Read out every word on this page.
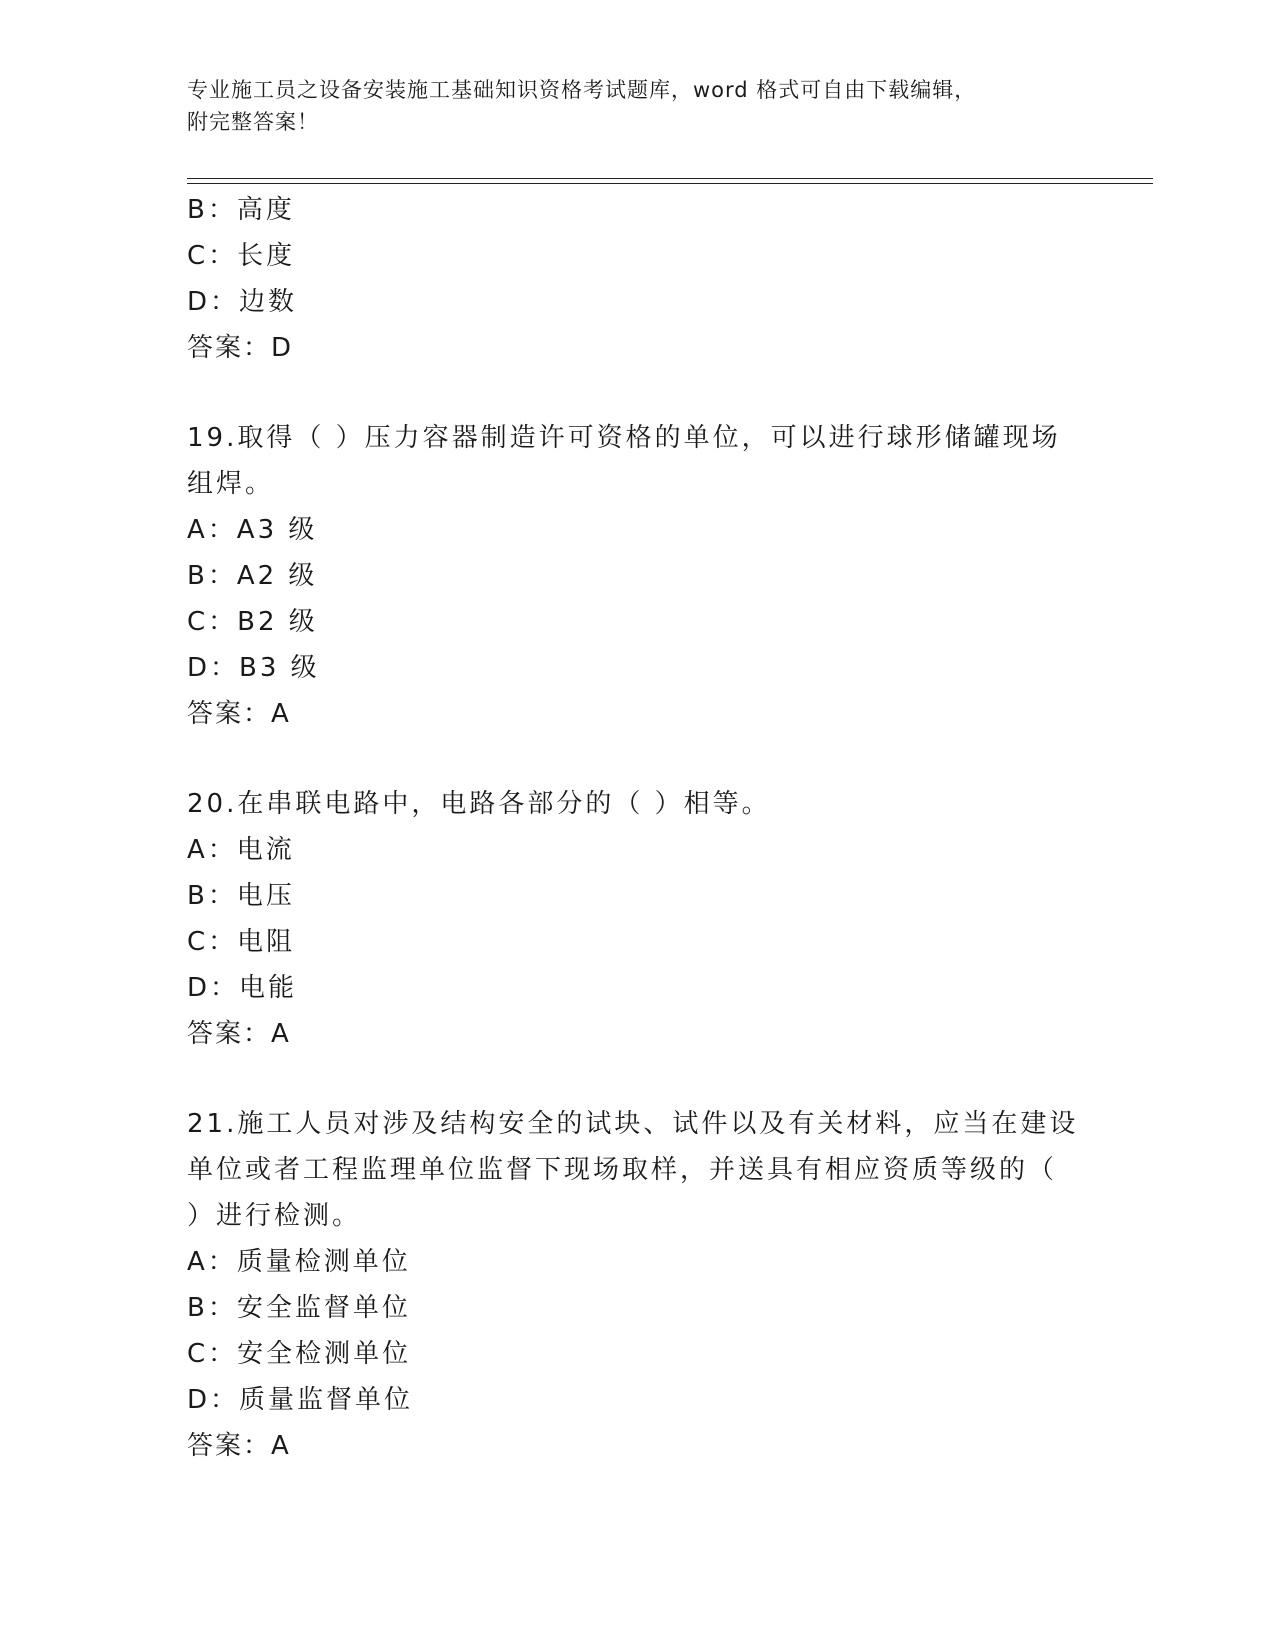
专业施工员之设备安装施工基础知识资格考试题库，word 格式可自由下载编辑，
附完整答案！
B：高度
C：长度
D：边数
答案：D
19.取得（ ）压力容器制造许可资格的单位，可以进行球形储罐现场
组焊。
A：A3 级
B：A2 级
C：B2 级
D：B3 级
答案：A
20.在串联电路中，电路各部分的（ ）相等。
A：电流
B：电压
C：电阻
D：电能
答案：A
21.施工人员对涉及结构安全的试块、试件以及有关材料，应当在建设
单位或者工程监理单位监督下现场取样，并送具有相应资质等级的（
）进行检测。
A：质量检测单位
B：安全监督单位
C：安全检测单位
D：质量监督单位
答案：A
